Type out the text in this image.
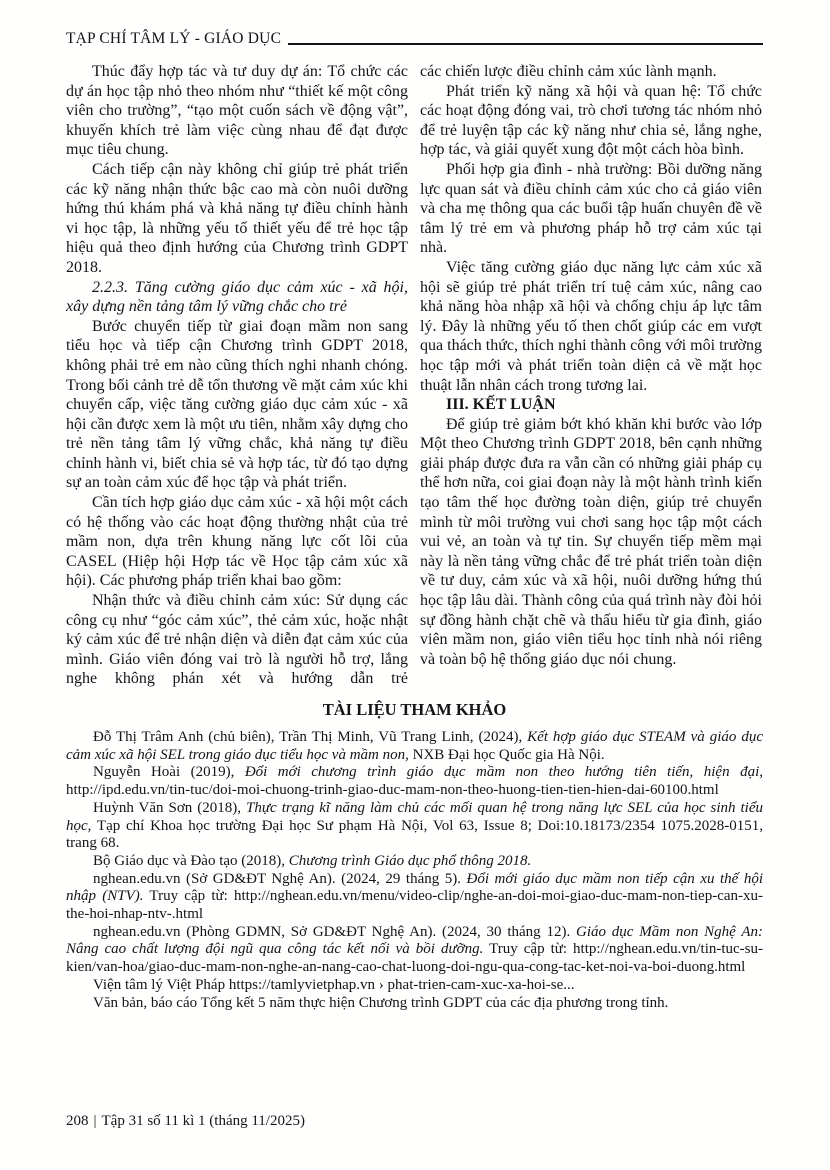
TẠP CHÍ TÂM LÝ - GIÁO DỤC

Thúc đẩy hợp tác và tư duy dự án: Tổ chức các dự án học tập nhỏ theo nhóm như “thiết kế một công viên cho trường”, “tạo một cuốn sách về động vật”, khuyến khích trẻ làm việc cùng nhau để đạt được mục tiêu chung.

Cách tiếp cận này không chỉ giúp trẻ phát triển các kỹ năng nhận thức bậc cao mà còn nuôi dưỡng hứng thú khám phá và khả năng tự điều chỉnh hành vi học tập, là những yếu tố thiết yếu để trẻ học tập hiệu quả theo định hướng của Chương trình GDPT 2018.

2.2.3. Tăng cường giáo dục cảm xúc - xã hội, xây dựng nền tảng tâm lý vững chắc cho trẻ

Bước chuyển tiếp từ giai đoạn mầm non sang tiểu học và tiếp cận Chương trình GDPT 2018, không phải trẻ em nào cũng thích nghi nhanh chóng. Trong bối cảnh trẻ dễ tổn thương về mặt cảm xúc khi chuyển cấp, việc tăng cường giáo dục cảm xúc - xã hội cần được xem là một ưu tiên, nhằm xây dựng cho trẻ nền tảng tâm lý vững chắc, khả năng tự điều chỉnh hành vi, biết chia sẻ và hợp tác, từ đó tạo dựng sự an toàn cảm xúc để học tập và phát triển.

Cần tích hợp giáo dục cảm xúc - xã hội một cách có hệ thống vào các hoạt động thường nhật của trẻ mầm non, dựa trên khung năng lực cốt lõi của CASEL (Hiệp hội Hợp tác về Học tập cảm xúc xã hội). Các phương pháp triển khai bao gồm:

Nhận thức và điều chỉnh cảm xúc: Sử dụng các công cụ như “góc cảm xúc”, thẻ cảm xúc, hoặc nhật ký cảm xúc để trẻ nhận diện và diễn đạt cảm xúc của mình. Giáo viên đóng vai trò là người hỗ trợ, lắng nghe không phán xét và hướng dẫn trẻ

các chiến lược điều chỉnh cảm xúc lành mạnh.

Phát triển kỹ năng xã hội và quan hệ: Tổ chức các hoạt động đóng vai, trò chơi tương tác nhóm nhỏ để trẻ luyện tập các kỹ năng như chia sẻ, lắng nghe, hợp tác, và giải quyết xung đột một cách hòa bình.

Phối hợp gia đình - nhà trường: Bồi dưỡng năng lực quan sát và điều chỉnh cảm xúc cho cả giáo viên và cha mẹ thông qua các buổi tập huấn chuyên đề về tâm lý trẻ em và phương pháp hỗ trợ cảm xúc tại nhà.

Việc tăng cường giáo dục năng lực cảm xúc xã hội sẽ giúp trẻ phát triển trí tuệ cảm xúc, nâng cao khả năng hòa nhập xã hội và chống chịu áp lực tâm lý. Đây là những yếu tố then chốt giúp các em vượt qua thách thức, thích nghi thành công với môi trường học tập mới và phát triển toàn diện cả về mặt học thuật lẫn nhân cách trong tương lai.

III. KẾT LUẬN

Để giúp trẻ giảm bớt khó khăn khi bước vào lớp Một theo Chương trình GDPT 2018, bên cạnh những giải pháp được đưa ra vẫn cần có những giải pháp cụ thể hơn nữa, coi giai đoạn này là một hành trình kiến tạo tâm thế học đường toàn diện, giúp trẻ chuyển mình từ môi trường vui chơi sang học tập một cách vui vẻ, an toàn và tự tin. Sự chuyển tiếp mềm mại này là nền tảng vững chắc để trẻ phát triển toàn diện về tư duy, cảm xúc và xã hội, nuôi dưỡng hứng thú học tập lâu dài. Thành công của quá trình này đòi hỏi sự đồng hành chặt chẽ và thấu hiểu từ gia đình, giáo viên mầm non, giáo viên tiểu học tỉnh nhà nói riêng và toàn bộ hệ thống giáo dục nói chung.

TÀI LIỆU THAM KHẢO

Đỗ Thị Trâm Anh (chủ biên), Trần Thị Minh, Vũ Trang Linh, (2024), Kết hợp giáo dục STEAM và giáo dục cảm xúc xã hội SEL trong giáo dục tiểu học và mầm non, NXB Đại học Quốc gia Hà Nội.

Nguyễn Hoài (2019), Đổi mới chương trình giáo dục mầm non theo hướng tiên tiến, hiện đại, http://ipd.edu.vn/tin-tuc/doi-moi-chuong-trinh-giao-duc-mam-non-theo-huong-tien-tien-hien-dai-60100.html

Huỳnh Văn Sơn (2018), Thực trạng kĩ năng làm chủ các mối quan hệ trong năng lực SEL của học sinh tiểu học, Tạp chí Khoa học trường Đại học Sư phạm Hà Nội, Vol 63, Issue 8; Doi:10.18173/2354 1075.2028-0151, trang 68.

Bộ Giáo dục và Đào tạo (2018), Chương trình Giáo dục phổ thông 2018.

nghean.edu.vn (Sở GD&ĐT Nghệ An). (2024, 29 tháng 5). Đổi mới giáo dục mầm non tiếp cận xu thế hội nhập (NTV). Truy cập từ: http://nghean.edu.vn/menu/video-clip/nghe-an-doi-moi-giao-duc-mam-non-tiep-can-xu-the-hoi-nhap-ntv-.html

nghean.edu.vn (Phòng GDMN, Sở GD&ĐT Nghệ An). (2024, 30 tháng 12). Giáo dục Mầm non Nghệ An: Nâng cao chất lượng đội ngũ qua công tác kết nối và bồi dưỡng. Truy cập từ: http://nghean.edu.vn/tin-tuc-su-kien/van-hoa/giao-duc-mam-non-nghe-an-nang-cao-chat-luong-doi-ngu-qua-cong-tac-ket-noi-va-boi-duong.html

Viện tâm lý Việt Pháp https://tamlyvietphap.vn › phat-trien-cam-xuc-xa-hoi-se...

Văn bản, báo cáo Tổng kết 5 năm thực hiện Chương trình GDPT của các địa phương trong tỉnh.

208 | Tập 31 số 11 kì 1 (tháng 11/2025)
